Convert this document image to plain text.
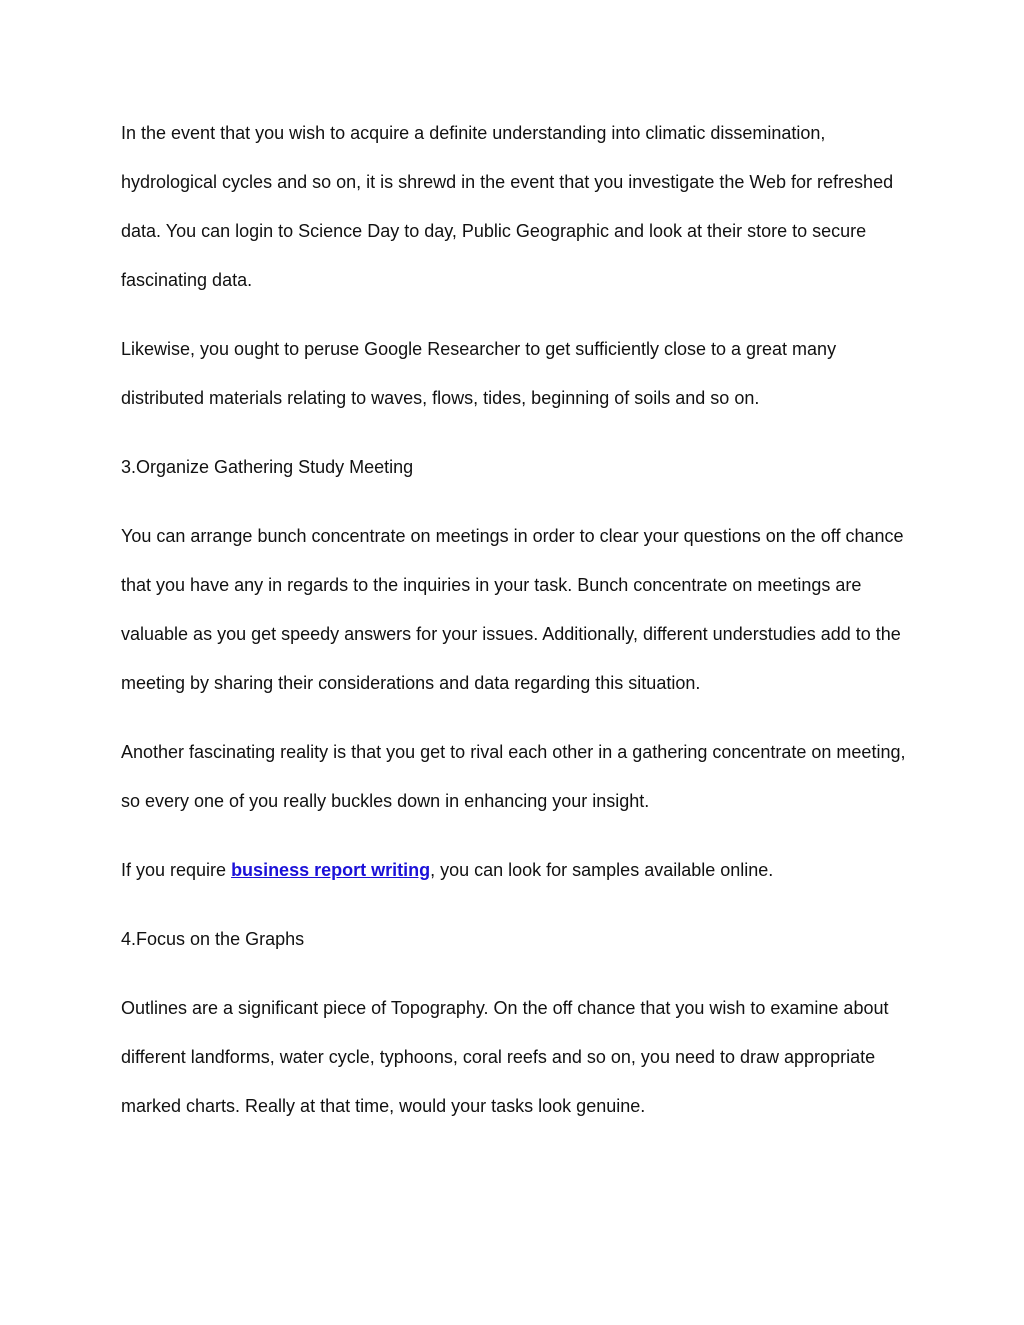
In the event that you wish to acquire a definite understanding into climatic dissemination, hydrological cycles and so on, it is shrewd in the event that you investigate the Web for refreshed data. You can login to Science Day to day, Public Geographic and look at their store to secure fascinating data.

Likewise, you ought to peruse Google Researcher to get sufficiently close to a great many distributed materials relating to waves, flows, tides, beginning of soils and so on.

3.Organize Gathering Study Meeting

You can arrange bunch concentrate on meetings in order to clear your questions on the off chance that you have any in regards to the inquiries in your task. Bunch concentrate on meetings are valuable as you get speedy answers for your issues. Additionally, different understudies add to the meeting by sharing their considerations and data regarding this situation.

Another fascinating reality is that you get to rival each other in a gathering concentrate on meeting, so every one of you really buckles down in enhancing your insight.

If you require business report writing, you can look for samples available online.

4.Focus on the Graphs

Outlines are a significant piece of Topography. On the off chance that you wish to examine about different landforms, water cycle, typhoons, coral reefs and so on, you need to draw appropriate marked charts. Really at that time, would your tasks look genuine.
